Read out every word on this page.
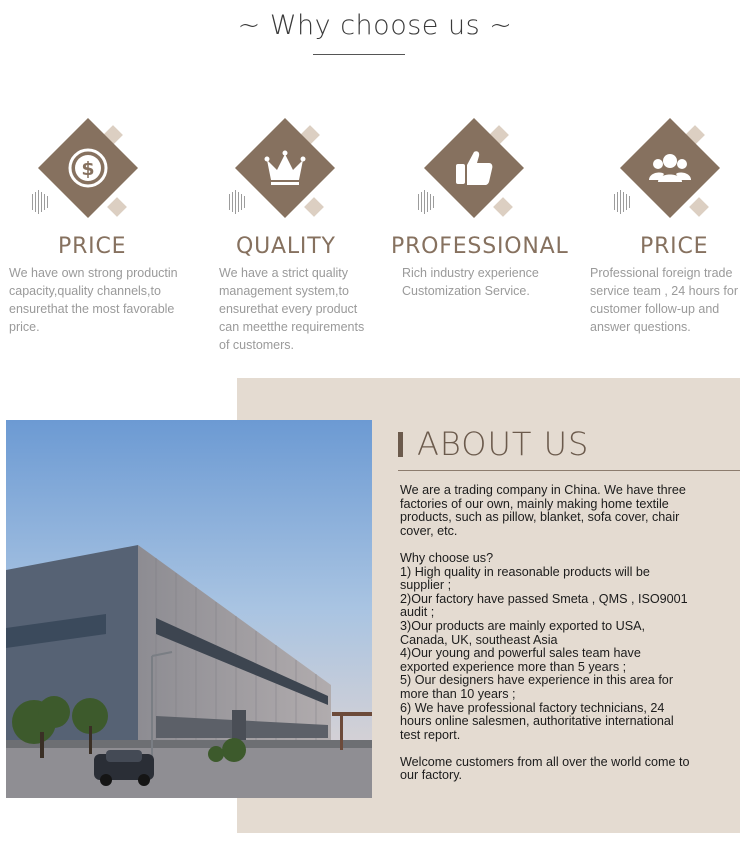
~ Why choose us ~
$
PRICE
We have own strong productin
capacity,quality channels,to
ensurethat the most favorable
price.
QUALITY
We have a strict quality
management system,to
ensurethat every product
can meetthe requirements
of customers.
PROFESSIONAL
Rich industry experience
Customization Service.
PRICE
Professional foreign trade
service team , 24 hours for
customer follow-up and
answer questions.
ABOUT US

We are a trading company in China. We have three

factories of our own, mainly making home textile

products, such as pillow, blanket, sofa cover, chair

cover, etc.

Why choose us?

1) High quality in reasonable products will be

supplier ;

2)Our factory have passed Smeta , QMS , ISO9001

audit ;

3)Our products are mainly exported to USA,

Canada, UK, southeast Asia

4)Our young and powerful sales team have

exported experience more than 5 years ;

5) Our designers have experience in this area for

more than 10 years ;

6) We have professional factory technicians, 24

hours online salesmen, authoritative international

test report.

Welcome customers from all over the world come to

our factory.
